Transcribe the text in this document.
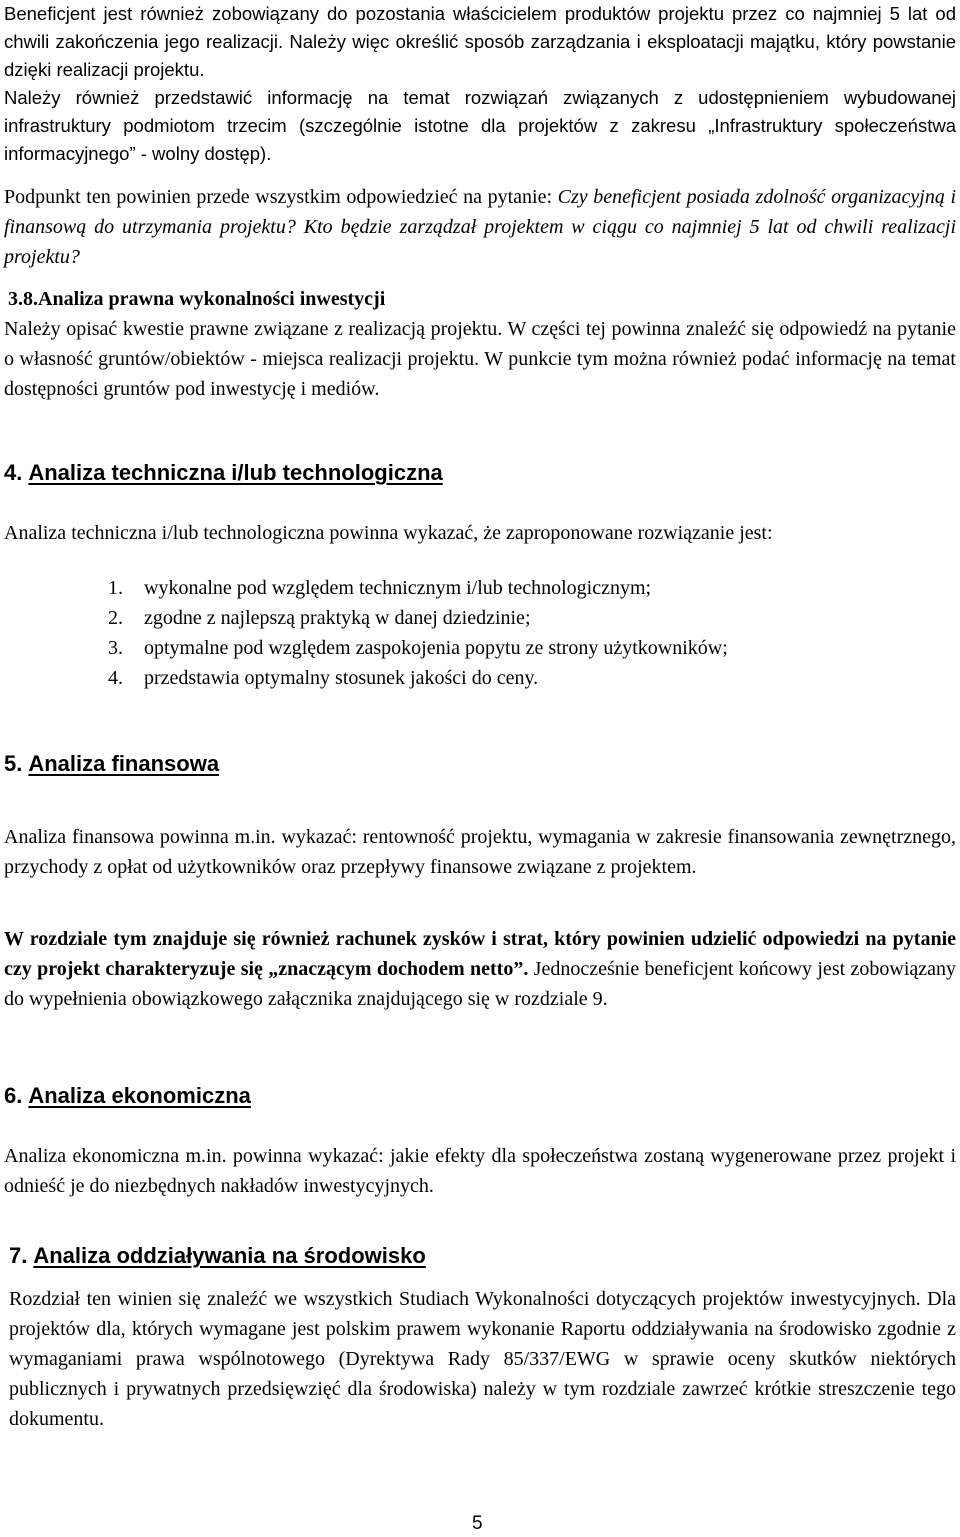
Beneficjent jest również zobowiązany do pozostania właścicielem produktów projektu przez co najmniej 5 lat od chwili zakończenia jego realizacji. Należy więc określić sposób zarządzania i eksploatacji majątku, który powstanie dzięki realizacji projektu.

Należy również przedstawić informację na temat rozwiązań związanych z udostępnieniem wybudowanej infrastruktury podmiotom trzecim (szczególnie istotne dla projektów z zakresu „Infrastruktury społeczeństwa informacyjnego” - wolny dostęp).

Podpunkt ten powinien przede wszystkim odpowiedzieć na pytanie: Czy beneficjent posiada zdolność organizacyjną i finansową do utrzymania projektu? Kto będzie zarządzał projektem w ciągu co najmniej 5 lat od chwili realizacji projektu?

3.8.Analiza prawna wykonalności inwestycji

Należy opisać kwestie prawne związane z realizacją projektu. W części tej powinna znaleźć się odpowiedź na pytanie o własność gruntów/obiektów - miejsca realizacji projektu. W punkcie tym można również podać informację na temat dostępności gruntów pod inwestycję i mediów.

4. Analiza techniczna i/lub technologiczna

Analiza techniczna i/lub technologiczna powinna wykazać, że zaproponowane rozwiązanie jest:

1. wykonalne pod względem technicznym i/lub technologicznym;
2. zgodne z najlepszą praktyką w danej dziedzinie;
3. optymalne pod względem zaspokojenia popytu ze strony użytkowników;
4. przedstawia optymalny stosunek jakości do ceny.
5. Analiza finansowa

Analiza finansowa powinna m.in. wykazać: rentowność projektu, wymagania w zakresie finansowania zewnętrznego, przychody z opłat od użytkowników oraz przepływy finansowe związane z projektem.

W rozdziale tym znajduje się również rachunek zysków i strat, który powinien udzielić odpowiedzi na pytanie czy projekt charakteryzuje się „znaczącym dochodem netto”. Jednocześnie beneficjent końcowy jest zobowiązany do wypełnienia obowiązkowego załącznika znajdującego się w rozdziale 9.

6. Analiza ekonomiczna

Analiza ekonomiczna m.in. powinna wykazać: jakie efekty dla społeczeństwa zostaną wygenerowane przez projekt i odnieść je do niezbędnych nakładów inwestycyjnych.

7. Analiza oddziaływania na środowisko

Rozdział ten winien się znaleźć we wszystkich Studiach Wykonalności dotyczących projektów inwestycyjnych. Dla projektów dla, których wymagane jest polskim prawem wykonanie Raportu oddziaływania na środowisko zgodnie z wymaganiami prawa wspólnotowego (Dyrektywa Rady 85/337/EWG w sprawie oceny skutków niektórych publicznych i prywatnych przedsięwzięć dla środowiska) należy w tym rozdziale zawrzeć krótkie streszczenie tego dokumentu.

5
